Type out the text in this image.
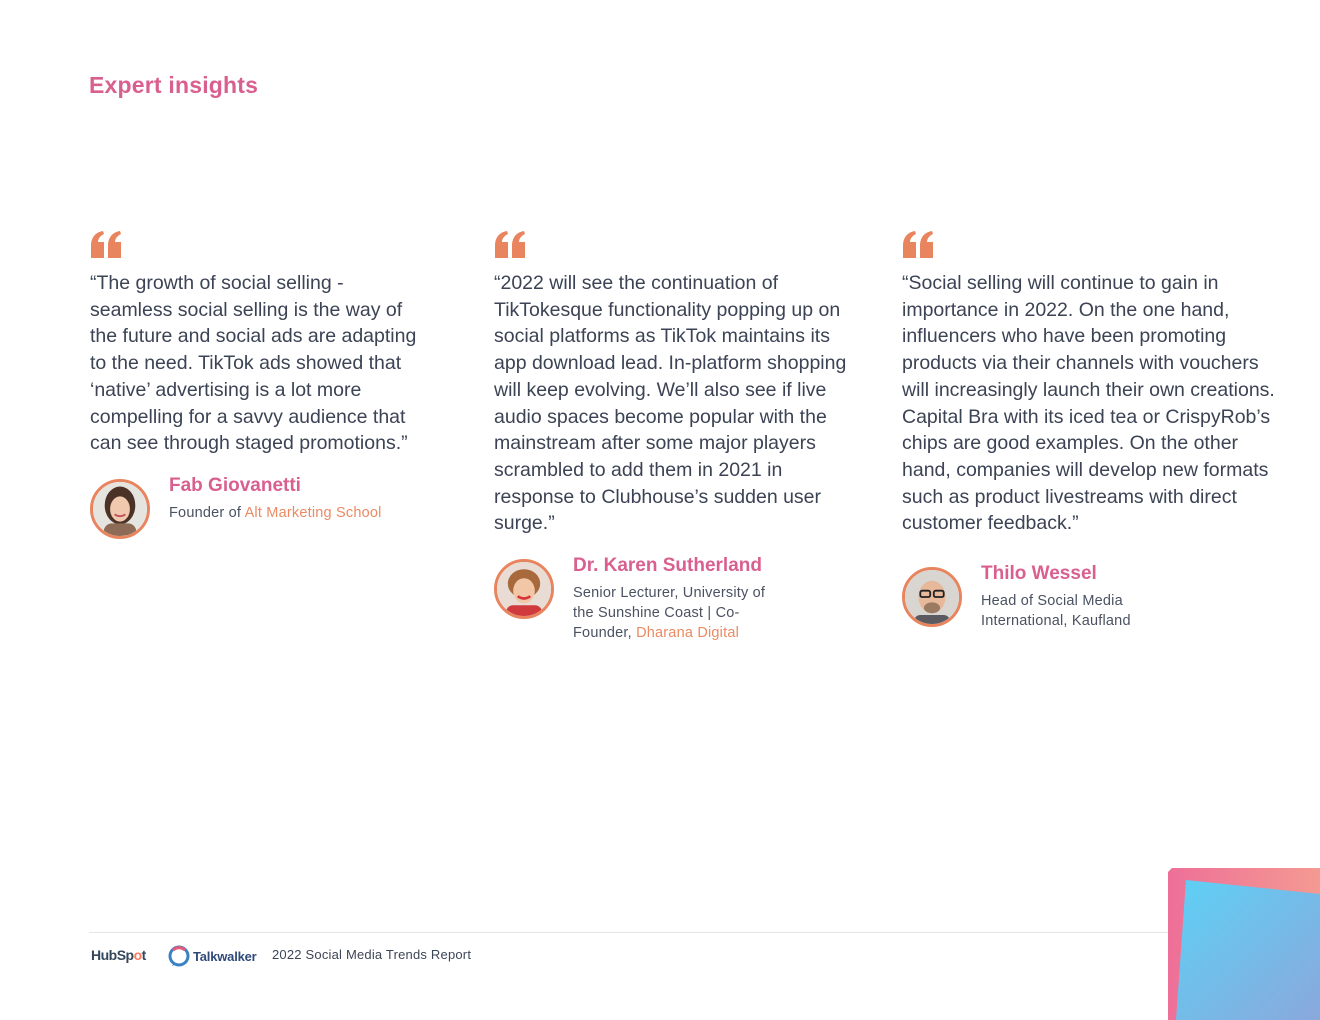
Expert insights

“The growth of social selling - seamless social selling is the way of the future and social ads are adapting to the need. TikTok ads showed that ‘native’ advertising is a lot more compelling for a savvy audience that can see through staged promotions.”

Fab Giovanetti
Founder of Alt Marketing School

“2022 will see the continuation of TikTokesque functionality popping up on social platforms as TikTok maintains its app download lead. In-platform shopping will keep evolving. We’ll also see if live audio spaces become popular with the mainstream after some major players scrambled to add them in 2021 in response to Clubhouse’s sudden user surge.”

Dr. Karen Sutherland
Senior Lecturer, University of the Sunshine Coast | Co-Founder, Dharana Digital

“Social selling will continue to gain in importance in 2022. On the one hand, influencers who have been promoting products via their channels with vouchers will increasingly launch their own creations. Capital Bra with its iced tea or CrispyRob’s chips are good examples. On the other hand, companies will develop new formats such as product livestreams with direct customer feedback.”

Thilo Wessel
Head of Social Media International, Kaufland
HubSpot	Talkwalker 2022 Social Media Trends Report
